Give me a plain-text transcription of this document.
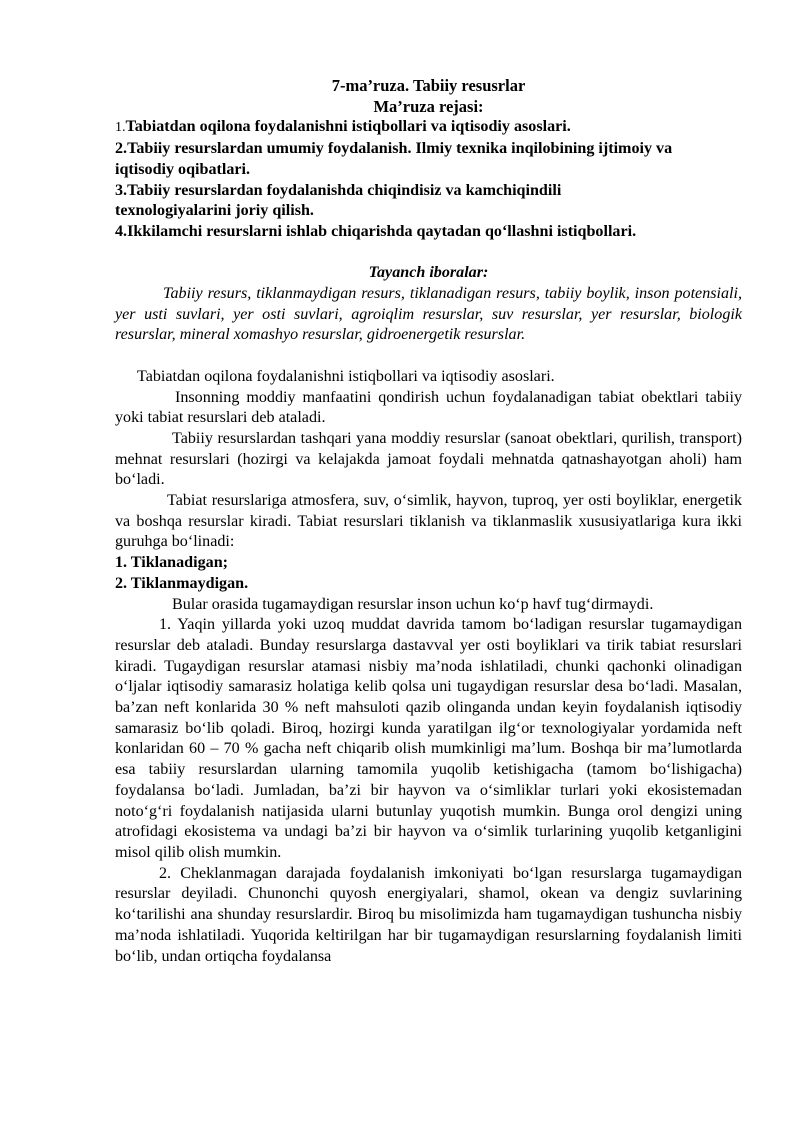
7-ma’ruza. Tabiiy resusrlar
Ma’ruza rejasi:
1.Tabiatdan oqilona foydalanishni istiqbollari va iqtisodiy asoslari.
2.Tabiiy resurslardan umumiy foydalanish. Ilmiy texnika inqilobining ijtimoiy va iqtisodiy oqibatlari.
3.Tabiiy resurslardan foydalanishda chiqindisiz va kamchiqindili texnologiyalarini joriy qilish.
4.Ikkilamchi resurslarni ishlab chiqarishda qaytadan qo‘llashni istiqbollari.
Tayanch iboralar:

Tabiiy resurs, tiklanmaydigan resurs, tiklanadigan resurs, tabiiy boylik, inson potensiali, yer usti suvlari, yer osti suvlari, agroiqlim resurslar, suv resurslar, yer resurslar, biologik resurslar, mineral xomashyo resurslar, gidroenergetik resurslar.

Tabiatdan oqilona foydalanishni istiqbollari va iqtisodiy asoslari.

Insonning moddiy manfaatini qondirish uchun foydalanadigan tabiat obektlari tabiiy yoki tabiat resurslari deb ataladi.

Tabiiy resurslardan tashqari yana moddiy resurslar (sanoat obektlari, qurilish, transport) mehnat resurslari (hozirgi va kelajakda jamoat foydali mehnatda qatnashayotgan aholi) ham bo‘ladi.

Tabiat resurslariga atmosfera, suv, o‘simlik, hayvon, tuproq, yer osti boyliklar, energetik va boshqa resurslar kiradi. Tabiat resurslari tiklanish va tiklanmaslik xususiyatlariga kura ikki guruhga bo‘linadi:

1. Tiklanadigan;
2. Tiklanmaydigan.

Bular orasida tugamaydigan resurslar inson uchun ko‘p havf tug‘dirmaydi.

1. Yaqin yillarda yoki uzoq muddat davrida tamom bo‘ladigan resurslar tugamaydigan resurslar deb ataladi. Bunday resurslarga dastavval yer osti boyliklari va tirik tabiat resurslari kiradi. Tugaydigan resurslar atamasi nisbiy ma’noda ishlatiladi, chunki qachonki olinadigan o‘ljalar iqtisodiy samarasiz holatiga kelib qolsa uni tugaydigan resurslar desa bo‘ladi. Masalan, ba’zan neft konlarida 30 % neft mahsuloti qazib olinganda undan keyin foydalanish iqtisodiy samarasiz bo‘lib qoladi. Biroq, hozirgi kunda yaratilgan ilg‘or texnologiyalar yordamida neft konlaridan 60 – 70 % gacha neft chiqarib olish mumkinligi ma’lum. Boshqa bir ma’lumotlarda esa tabiiy resurslardan ularning tamomila yuqolib ketishigacha (tamom bo‘lishigacha) foydalansa bo‘ladi. Jumladan, ba’zi bir hayvon va o‘simliklar turlari yoki ekosistemadan noto‘g‘ri foydalanish natijasida ularni butunlay yuqotish mumkin. Bunga orol dengizi uning atrofidagi ekosistema va undagi ba’zi bir hayvon va o‘simlik turlarining yuqolib ketganligini misol qilib olish mumkin.

2. Cheklanmagan darajada foydalanish imkoniyati bo‘lgan resurslarga tugamaydigan resurslar deyiladi. Chunonchi quyosh energiyalari, shamol, okean va dengiz suvlarining ko‘tarilishi ana shunday resurslardir. Biroq bu misolimizda ham tugamaydigan tushuncha nisbiy ma’noda ishlatiladi. Yuqorida keltirilgan har bir tugamaydigan resurslarning foydalanish limiti bo‘lib, undan ortiqcha foydalansa
